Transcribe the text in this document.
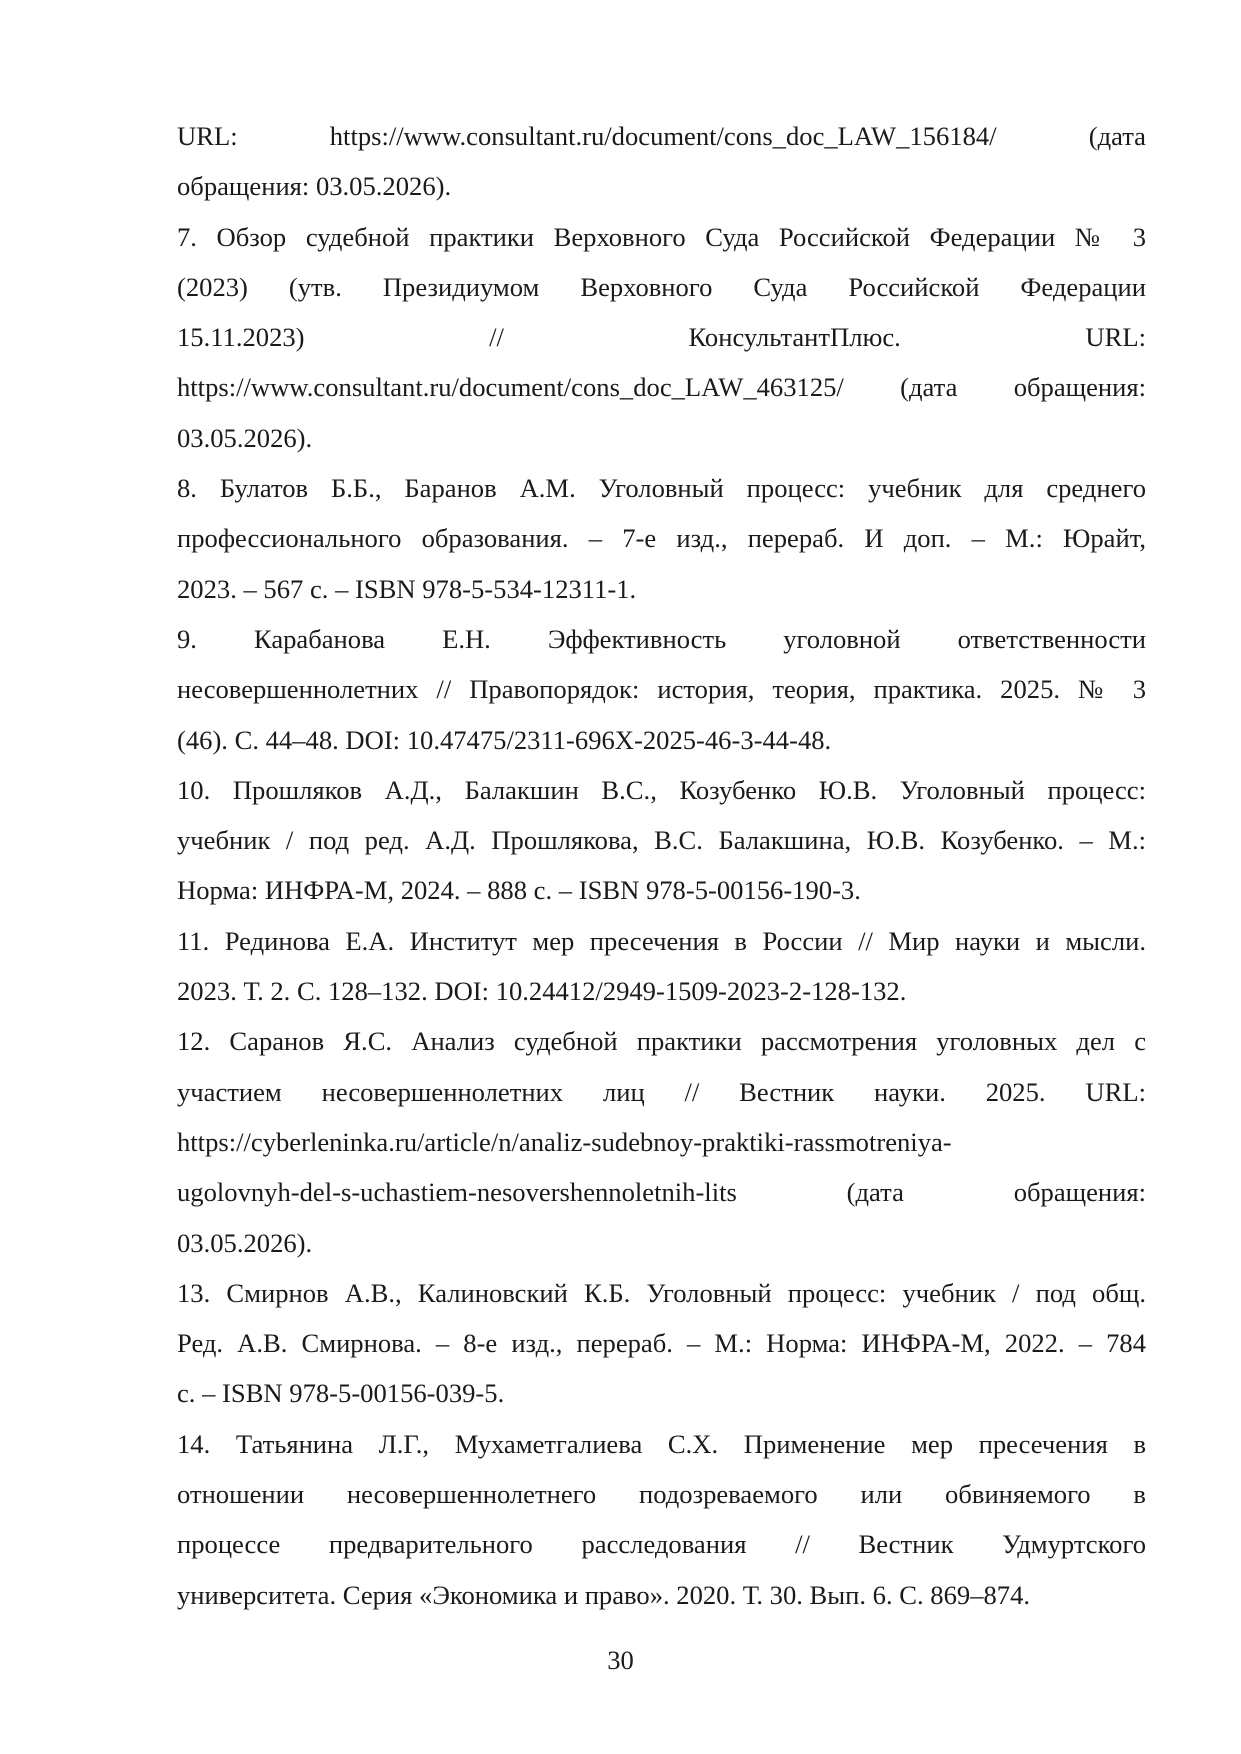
URL: https://www.consultant.ru/document/cons_doc_LAW_156184/ (дата
обращения: 03.05.2026).
7. Обзор судебной практики Верховного Суда Российской Федерации № 3
(2023) (утв. Президиумом Верховного Суда Российской Федерации
15.11.2023) // КонсультантПлюс. URL:
https://www.consultant.ru/document/cons_doc_LAW_463125/ (дата обращения:
03.05.2026).
8. Булатов Б.Б., Баранов А.М. Уголовный процесс: учебник для среднего
профессионального образования. – 7-е изд., перераб. И доп. – М.: Юрайт,
2023. – 567 с. – ISBN 978-5-534-12311-1.
9. Карабанова Е.Н. Эффективность уголовной ответственности
несовершеннолетних // Правопорядок: история, теория, практика. 2025. № 3
(46). С. 44–48. DOI: 10.47475/2311-696X-2025-46-3-44-48.
10. Прошляков А.Д., Балакшин В.С., Козубенко Ю.В. Уголовный процесс:
учебник / под ред. А.Д. Прошлякова, В.С. Балакшина, Ю.В. Козубенко. – М.:
Норма: ИНФРА-М, 2024. – 888 с. – ISBN 978-5-00156-190-3.
11. Рединова Е.А. Институт мер пресечения в России // Мир науки и мысли.
2023. Т. 2. С. 128–132. DOI: 10.24412/2949-1509-2023-2-128-132.
12. Саранов Я.С. Анализ судебной практики рассмотрения уголовных дел с
участием несовершеннолетних лиц // Вестник науки. 2025. URL:
https://cyberleninka.ru/article/n/analiz-sudebnoy-praktiki-rassmotreniya-
ugolovnyh-del-s-uchastiem-nesovershennoletnih-lits (дата обращения:
03.05.2026).
13. Смирнов А.В., Калиновский К.Б. Уголовный процесс: учебник / под общ.
Ред. А.В. Смирнова. – 8-е изд., перераб. – М.: Норма: ИНФРА-М, 2022. – 784
с. – ISBN 978-5-00156-039-5.
14. Татьянина Л.Г., Мухаметгалиева С.Х. Применение мер пресечения в
отношении несовершеннолетнего подозреваемого или обвиняемого в
процессе предварительного расследования // Вестник Удмуртского
университета. Серия «Экономика и право». 2020. Т. 30. Вып. 6. С. 869–874.
30
